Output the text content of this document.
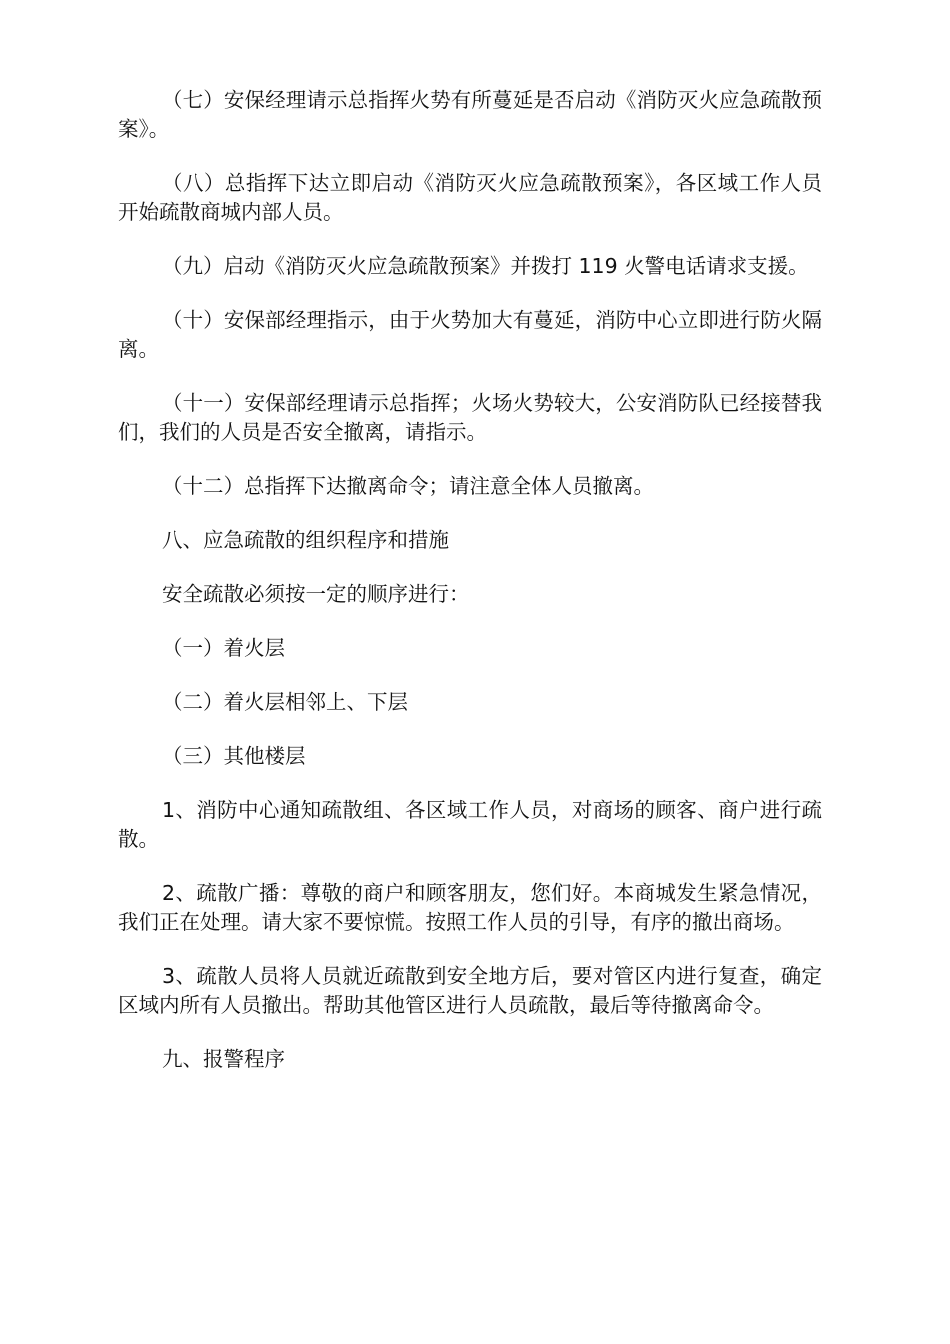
（七）安保经理请示总指挥火势有所蔓延是否启动《消防灭火应急疏散预案》。

（八）总指挥下达立即启动《消防灭火应急疏散预案》，各区域工作人员开始疏散商城内部人员。

（九）启动《消防灭火应急疏散预案》并拨打 119 火警电话请求支援。

（十）安保部经理指示，由于火势加大有蔓延，消防中心立即进行防火隔离。

（十一）安保部经理请示总指挥；火场火势较大，公安消防队已经接替我们，我们的人员是否安全撤离，请指示。

（十二）总指挥下达撤离命令；请注意全体人员撤离。

八、应急疏散的组织程序和措施

安全疏散必须按一定的顺序进行：

（一）着火层

（二）着火层相邻上、下层

（三）其他楼层

1、消防中心通知疏散组、各区域工作人员，对商场的顾客、商户进行疏散。

2、疏散广播：尊敬的商户和顾客朋友，您们好。本商城发生紧急情况，我们正在处理。请大家不要惊慌。按照工作人员的引导，有序的撤出商场。

3、疏散人员将人员就近疏散到安全地方后，要对管区内进行复查，确定区域内所有人员撤出。帮助其他管区进行人员疏散，最后等待撤离命令。

九、报警程序
